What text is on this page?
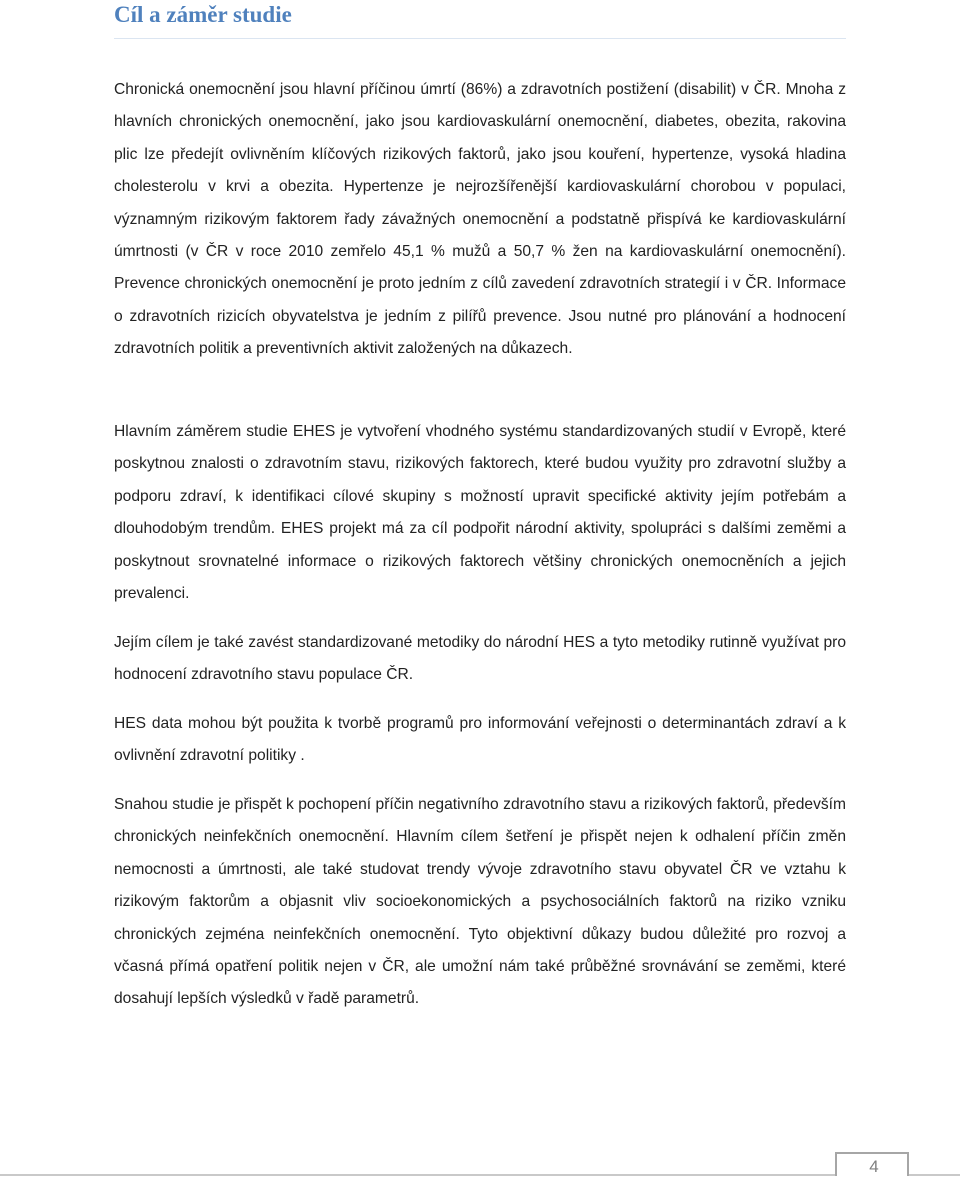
Cíl a záměr studie

Chronická onemocnění jsou hlavní příčinou úmrtí (86%) a zdravotních postižení (disabilit) v ČR. Mnoha z hlavních chronických onemocnění, jako jsou kardiovaskulární onemocnění, diabetes, obezita, rakovina plic lze předejít ovlivněním klíčových rizikových faktorů, jako jsou kouření, hypertenze, vysoká hladina cholesterolu v krvi a obezita. Hypertenze je nejrozšířenější kardiovaskulární chorobou v populaci, významným rizikovým faktorem řady závažných onemocnění a podstatně přispívá ke kardiovaskulární úmrtnosti (v ČR v roce 2010 zemřelo 45,1 % mužů a 50,7 % žen na kardiovaskulární onemocnění). Prevence chronických onemocnění je proto jedním z cílů zavedení zdravotních strategií i v ČR. Informace o zdravotních rizicích obyvatelstva je jedním z pilířů prevence. Jsou nutné pro plánování a hodnocení zdravotních politik a preventivních aktivit založených na důkazech.

Hlavním záměrem studie EHES je vytvoření vhodného systému standardizovaných studií v Evropě, které poskytnou znalosti o zdravotním stavu, rizikových faktorech, které budou využity pro zdravotní služby a podporu zdraví, k identifikaci cílové skupiny s možností upravit specifické aktivity jejím potřebám a dlouhodobým trendům. EHES projekt má za cíl podpořit národní aktivity, spolupráci s dalšími zeměmi a poskytnout srovnatelné informace o rizikových faktorech většiny chronických onemocněních a jejich prevalenci.

Jejím cílem je také zavést standardizované metodiky do národní HES a tyto metodiky rutinně využívat pro hodnocení zdravotního stavu populace ČR.

HES data mohou být použita k tvorbě programů pro informování veřejnosti o determinantách zdraví a k ovlivnění zdravotní politiky .

Snahou studie je přispět k pochopení příčin negativního zdravotního stavu a rizikových faktorů, především chronických neinfekčních onemocnění. Hlavním cílem šetření je přispět nejen k odhalení příčin změn nemocnosti a úmrtnosti, ale také studovat trendy vývoje zdravotního stavu obyvatel ČR ve vztahu k rizikovým faktorům a objasnit vliv socioekonomických a psychosociálních faktorů na riziko vzniku chronických zejména neinfekčních onemocnění. Tyto objektivní důkazy budou důležité pro rozvoj a včasná přímá opatření politik nejen v ČR, ale umožní nám také průběžné srovnávání se zeměmi, které dosahují lepších výsledků v řadě parametrů.

4
